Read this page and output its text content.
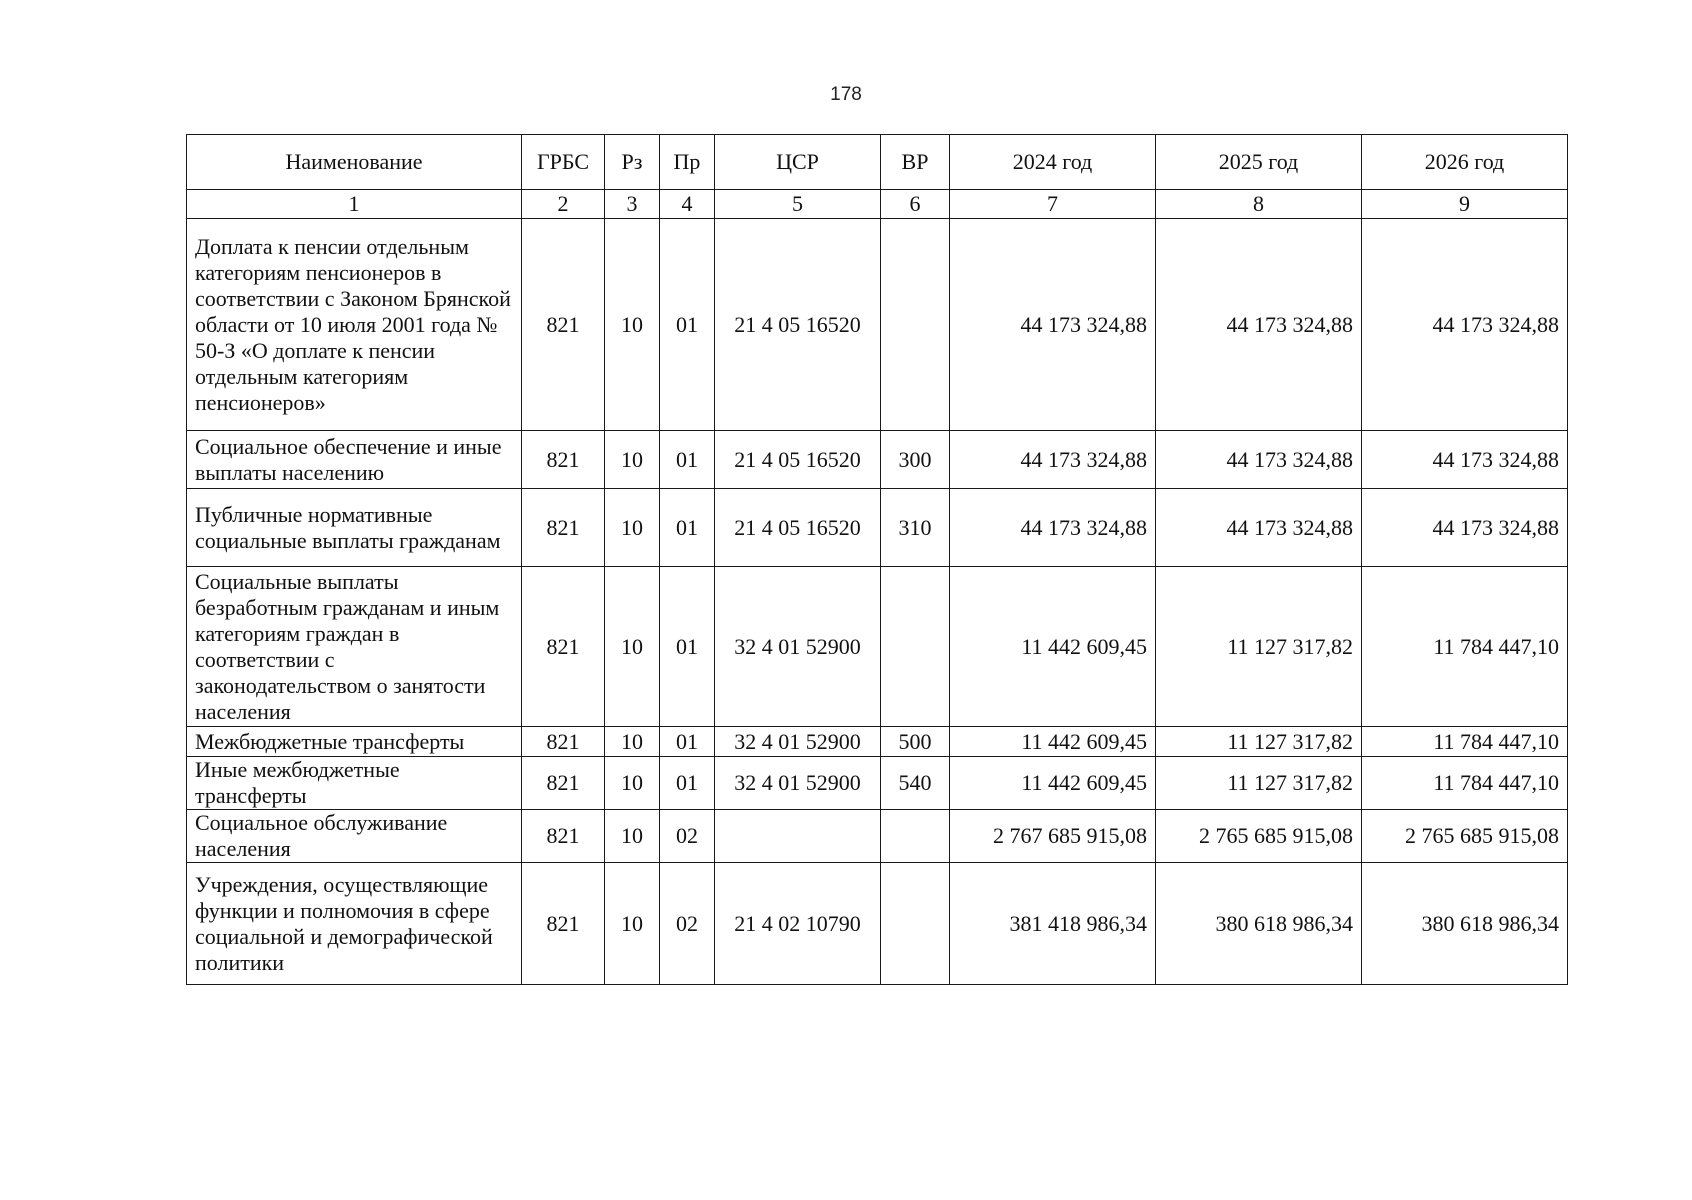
178
Наименование	ГРБС	Рз	Пр	ЦСР	ВР	2024 год	2025 год	2026 год
1	2	3	4	5	6	7	8	9
Доплата к пенсии отдельным категориям пенсионеров в соответствии с Законом Брянской области от 10 июля 2001 года № 50-З «О доплате к пенсии отдельным категориям пенсионеров»	821	10	01	21 4 05 16520		44 173 324,88	44 173 324,88	44 173 324,88
Социальное обеспечение и иные выплаты населению	821	10	01	21 4 05 16520	300	44 173 324,88	44 173 324,88	44 173 324,88
Публичные нормативные социальные выплаты гражданам	821	10	01	21 4 05 16520	310	44 173 324,88	44 173 324,88	44 173 324,88
Социальные выплаты безработным гражданам и иным категориям граждан в соответствии с законодательством о занятости населения	821	10	01	32 4 01 52900		11 442 609,45	11 127 317,82	11 784 447,10
Межбюджетные трансферты	821	10	01	32 4 01 52900	500	11 442 609,45	11 127 317,82	11 784 447,10
Иные межбюджетные трансферты	821	10	01	32 4 01 52900	540	11 442 609,45	11 127 317,82	11 784 447,10
Социальное обслуживание населения	821	10	02			2 767 685 915,08	2 765 685 915,08	2 765 685 915,08
Учреждения, осуществляющие функции и полномочия в сфере социальной и демографической политики	821	10	02	21 4 02 10790		381 418 986,34	380 618 986,34	380 618 986,34
